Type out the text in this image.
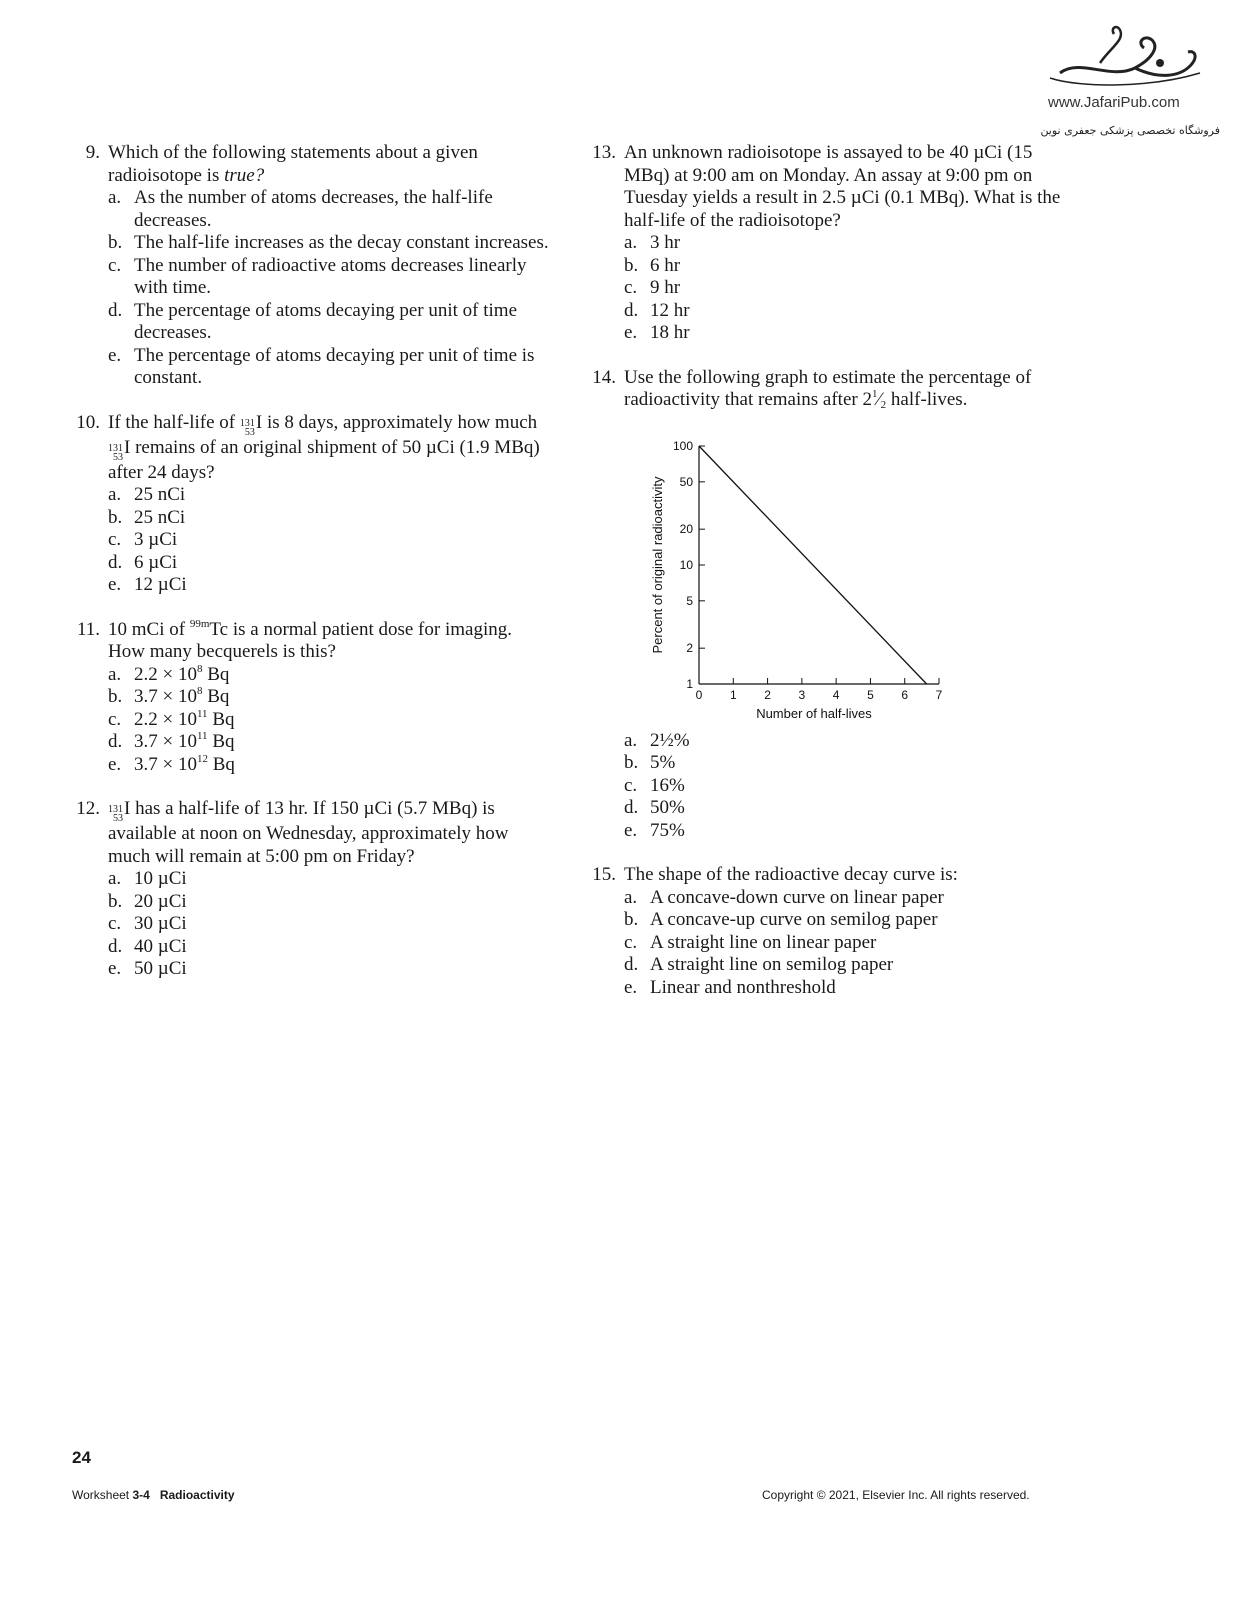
www.JafariPub.com
فروشگاه تخصصی پزشکی جعفری نوین
9. Which of the following statements about a given radioisotope is true?
a. As the number of atoms decreases, the half-life decreases.
b. The half-life increases as the decay constant increases.
c. The number of radioactive atoms decreases linearly with time.
d. The percentage of atoms decaying per unit of time decreases.
e. The percentage of atoms decaying per unit of time is constant.
10. If the half-life of 131
53 I is 8 days, approximately how much
131
53 I remains of an original shipment of 50 µCi (1.9 MBq) after 24 days?
a. 25 nCi
b. 25 nCi
c. 3 µCi
d. 6 µCi
e. 12 µCi
11. 10 mCi of $^{99m}$Tc is a normal patient dose for imaging. How many becquerels is this?
a. $2.2 \times 10^8$ Bq
b. $3.7 \times 10^8$ Bq
c. $2.2 \times 10^{11}$ Bq
d. $3.7 \times 10^{11}$ Bq
e. $3.7 \times 10^{12}$ Bq
12. 131
53 I has a half-life of 13 hr. If 150 µCi (5.7 MBq) is available at noon on Wednesday, approximately how much will remain at 5:00 pm on Friday?
a. 10 µCi
b. 20 µCi
c. 30 µCi
d. 40 µCi
e. 50 µCi
13. An unknown radioisotope is assayed to be 40 µCi (15 MBq) at 9:00 am on Monday. An assay at 9:00 pm on Tuesday yields a result in 2.5 µCi (0.1 MBq). What is the half-life of the radioisotope?
a. 3 hr
b. 6 hr
c. 9 hr
d. 12 hr
e. 18 hr
14. Use the following graph to estimate the percentage of radioactivity that remains after $2^1⁄_2$ half-lives.
100
50
20
10
5
2
1
0 1 2 3 4 5 6 7
Number of half-lives
Percent of original radioactivity
a. 2½%
b. 5%
c. 16%
d. 50%
e. 75%
15. The shape of the radioactive decay curve is:
a. A concave-down curve on linear paper
b. A concave-up curve on semilog paper
c. A straight line on linear paper
d. A straight line on semilog paper
e. Linear and nonthreshold
24
Worksheet 3-4 Radioactivity	Copyright © 2021, Elsevier Inc. All rights reserved.
